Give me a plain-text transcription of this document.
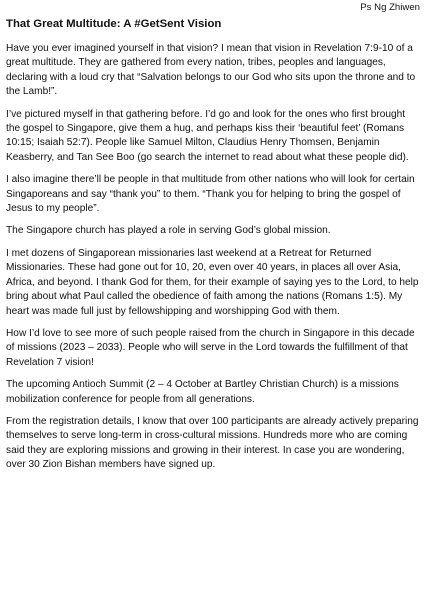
Ps Ng Zhiwen
That Great Multitude: A #GetSent Vision

Have you ever imagined yourself in that vision? I mean that vision in Revelation 7:9-10 of a great multitude. They are gathered from every nation, tribes, peoples and languages, declaring with a loud cry that “Salvation belongs to our God who sits upon the throne and to the Lamb!”.

I’ve pictured myself in that gathering before. I’d go and look for the ones who first brought the gospel to Singapore, give them a hug, and perhaps kiss their ‘beautiful feet’ (Romans 10:15; Isaiah 52:7). People like Samuel Milton, Claudius Henry Thomsen, Benjamin Keasberry, and Tan See Boo (go search the internet to read about what these people did).

I also imagine there’ll be people in that multitude from other nations who will look for certain Singaporeans and say “thank you” to them. “Thank you for helping to bring the gospel of Jesus to my people”.

The Singapore church has played a role in serving God’s global mission.

I met dozens of Singaporean missionaries last weekend at a Retreat for Returned Missionaries. These had gone out for 10, 20, even over 40 years, in places all over Asia, Africa, and beyond. I thank God for them, for their example of saying yes to the Lord, to help bring about what Paul called the obedience of faith among the nations (Romans 1:5). My heart was made full just by fellowshipping and worshipping God with them.

How I’d love to see more of such people raised from the church in Singapore in this decade of missions (2023 – 2033). People who will serve in the Lord towards the fulfillment of that Revelation 7 vision!

The upcoming Antioch Summit (2 – 4 October at Bartley Christian Church) is a missions mobilization conference for people from all generations.

From the registration details, I know that over 100 participants are already actively preparing themselves to serve long-term in cross-cultural missions. Hundreds more who are coming said they are exploring missions and growing in their interest. In case you are wondering, over 30 Zion Bishan members have signed up.
